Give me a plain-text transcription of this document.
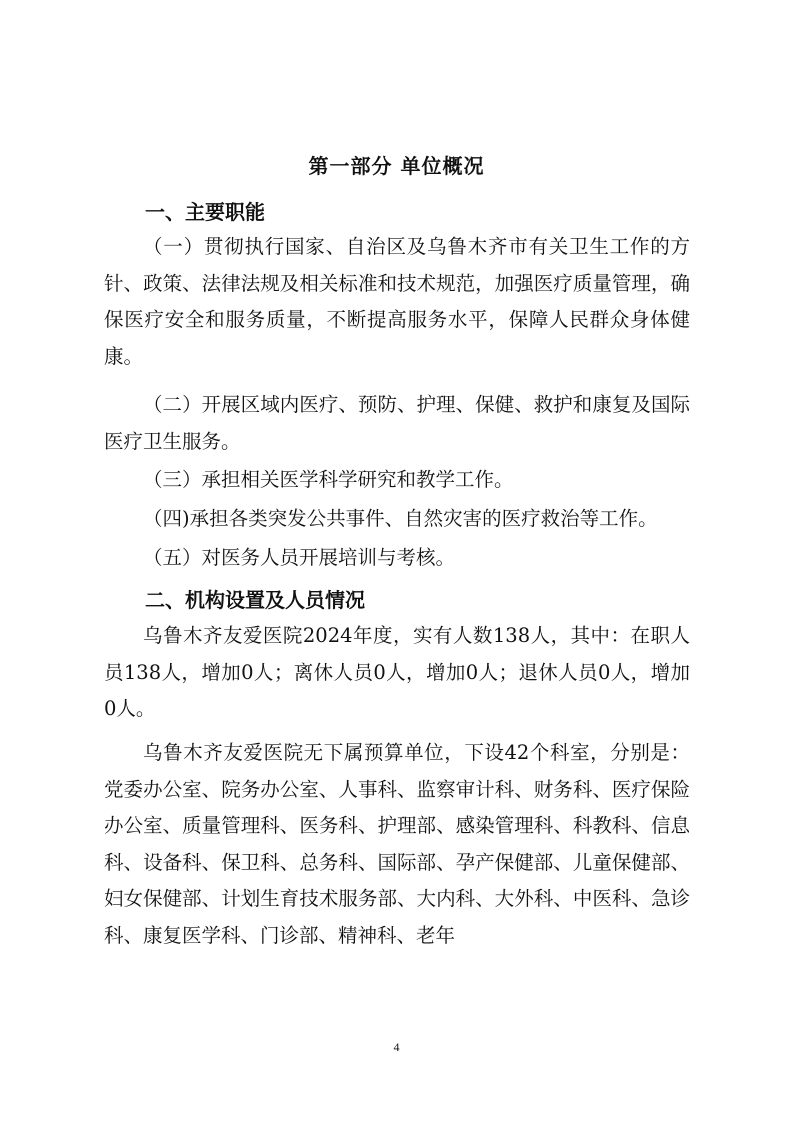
第一部分 单位概况
一、主要职能

（一）贯彻执行国家、自治区及乌鲁木齐市有关卫生工作的方针、政策、法律法规及相关标准和技术规范，加强医疗质量管理，确保医疗安全和服务质量，不断提高服务水平，保障人民群众身体健康。

（二）开展区域内医疗、预防、护理、保健、救护和康复及国际医疗卫生服务。

（三）承担相关医学科学研究和教学工作。

（四)承担各类突发公共事件、自然灾害的医疗救治等工作。

（五）对医务人员开展培训与考核。

二、机构设置及人员情况

乌鲁木齐友爱医院2024年度，实有人数138人，其中：在职人员138人，增加0人；离休人员0人，增加0人；退休人员0人，增加0人。

乌鲁木齐友爱医院无下属预算单位，下设42个科室，分别是：党委办公室、院务办公室、人事科、监察审计科、财务科、医疗保险办公室、质量管理科、医务科、护理部、感染管理科、科教科、信息科、设备科、保卫科、总务科、国际部、孕产保健部、儿童保健部、妇女保健部、计划生育技术服务部、大内科、大外科、中医科、急诊科、康复医学科、门诊部、精神科、老年

4
